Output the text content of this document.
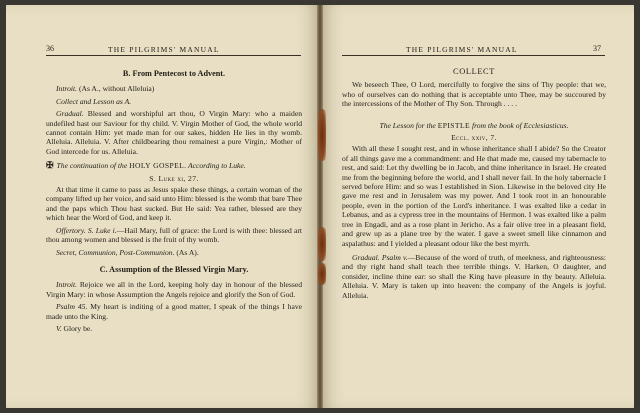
36	THE PILGRIMS' MANUAL
B. From Pentecost to Advent.

Introit. (As A., without Alleluia)

Collect and Lesson as A.

Gradual. Blessed and worshipful art thou, O Virgin Mary: who a maiden undefiled hast our Saviour for thy child. V. Virgin Mother of God, the whole world cannot contain Him: yet made man for our sakes, hidden He lies in thy womb. Alleluia. Alleluia. V. After childbearing thou remainest a pure Virgin,: Mother of God intercede for us. Alleluia.

✠ The continuation of the HOLY GOSPEL. According to Luke.

S. Luke xi, 27.

At that time it came to pass as Jesus spake these things, a certain woman of the company lifted up her voice, and said unto Him: blessed is the womb that bare Thee and the paps which Thou hast sucked. But He said: Yea rather, blessed are they which hear the Word of God, and keep it.

Offertory. S. Luke i.—Hail Mary, full of grace: the Lord is with thee: blessed art thou among women and blessed is the fruit of thy womb.

Secret, Communion, Post-Communion. (As A).

C. Assumption of the Blessed Virgin Mary.

Introit. Rejoice we all in the Lord, keeping holy day in honour of the blessed Virgin Mary: in whose Assumption the Angels rejoice and glorify the Son of God.

Psalm 45. My heart is inditing of a good matter, I speak of the things I have made unto the King.

V. Glory be.

THE PILGRIMS' MANUAL	37
COLLECT

We beseech Thee, O Lord, mercifully to forgive the sins of Thy people: that we, who of ourselves can do nothing that is acceptable unto Thee, may be succoured by the intercessions of the Mother of Thy Son. Through . . . .

The Lesson for the EPISTLE from the book of Ecclesiasticus.

Eccl. xxiv, 7.

With all these I sought rest, and in whose inheritance shall I abide? So the Creator of all things gave me a commandment: and He that made me, caused my tabernacle to rest, and said: Let thy dwelling be in Jacob, and thine inheritance in Israel. He created me from the beginning before the world, and I shall never fail. In the holy tabernacle I served before Him: and so was I established in Sion. Likewise in the beloved city He gave me rest and in Jerusalem was my power. And I took root in an honourable people, even in the portion of the Lord's inheritance. I was exalted like a cedar in Lebanus, and as a cypress tree in the mountains of Hermon. I was exalted like a palm tree in Engadi, and as a rose plant in Jericho. As a fair olive tree in a pleasant field, and grew up as a plane tree by the water. I gave a sweet smell like cinnamon and aspalathus: and I yielded a pleasant odour like the best myrrh.

Gradual. Psalm v.—Because of the word of truth, of meekness, and righteousness: and thy right hand shall teach thee terrible things. V. Harken, O daughter, and consider, incline thine ear: so shall the King have pleasure in thy beauty. Alleluia. Alleluia. V. Mary is taken up into heaven: the company of the Angels is joyful. Alleluia.
